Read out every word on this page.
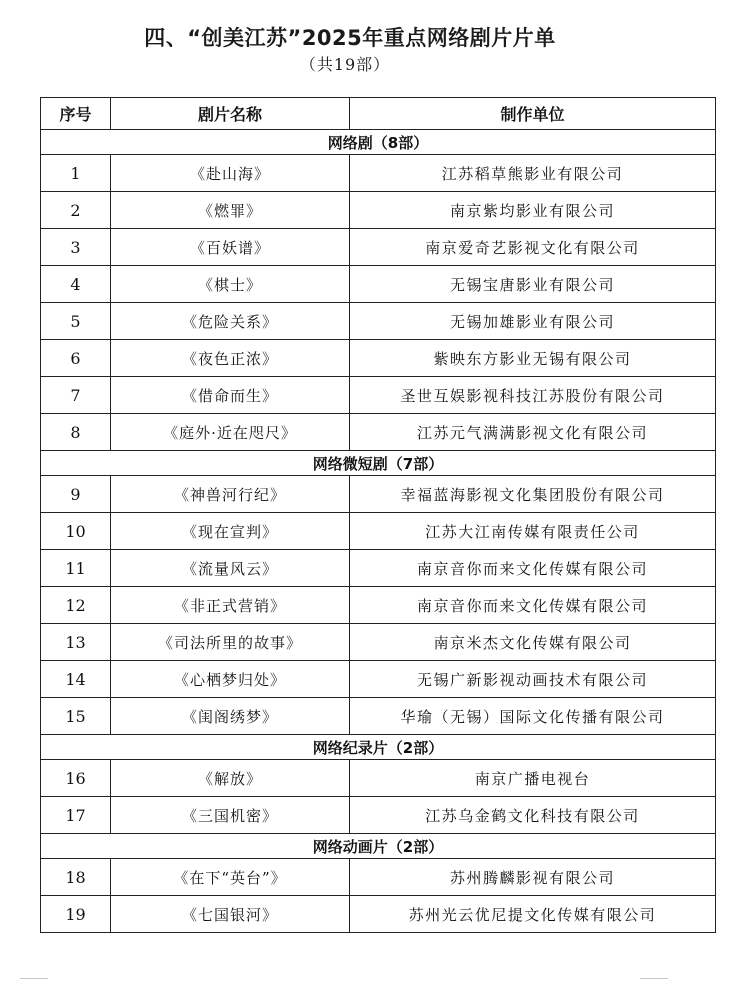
四、“创美江苏”2025年重点网络剧片片单
（共19部）
序号	剧片名称	制作单位
网络剧（8部）		
1	《赴山海》	江苏稻草熊影业有限公司
2	《燃罪》	南京紫均影业有限公司
3	《百妖谱》	南京爱奇艺影视文化有限公司
4	《棋士》	无锡宝唐影业有限公司
5	《危险关系》	无锡加雄影业有限公司
6	《夜色正浓》	紫映东方影业无锡有限公司
7	《借命而生》	圣世互娱影视科技江苏股份有限公司
8	《庭外·近在咫尺》	江苏元气满满影视文化有限公司
网络微短剧（7部）		
9	《神兽河行纪》	幸福蓝海影视文化集团股份有限公司
10	《现在宣判》	江苏大江南传媒有限责任公司
11	《流量风云》	南京音你而来文化传媒有限公司
12	《非正式营销》	南京音你而来文化传媒有限公司
13	《司法所里的故事》	南京米杰文化传媒有限公司
14	《心栖梦归处》	无锡广新影视动画技术有限公司
15	《闺阁绣梦》	华瑜（无锡）国际文化传播有限公司
网络纪录片（2部）		
16	《解放》	南京广播电视台
17	《三国机密》	江苏乌金鹤文化科技有限公司
网络动画片（2部）		
18	《在下“英台”》	苏州腾麟影视有限公司
19	《七国银河》	苏州光云优尼提文化传媒有限公司
